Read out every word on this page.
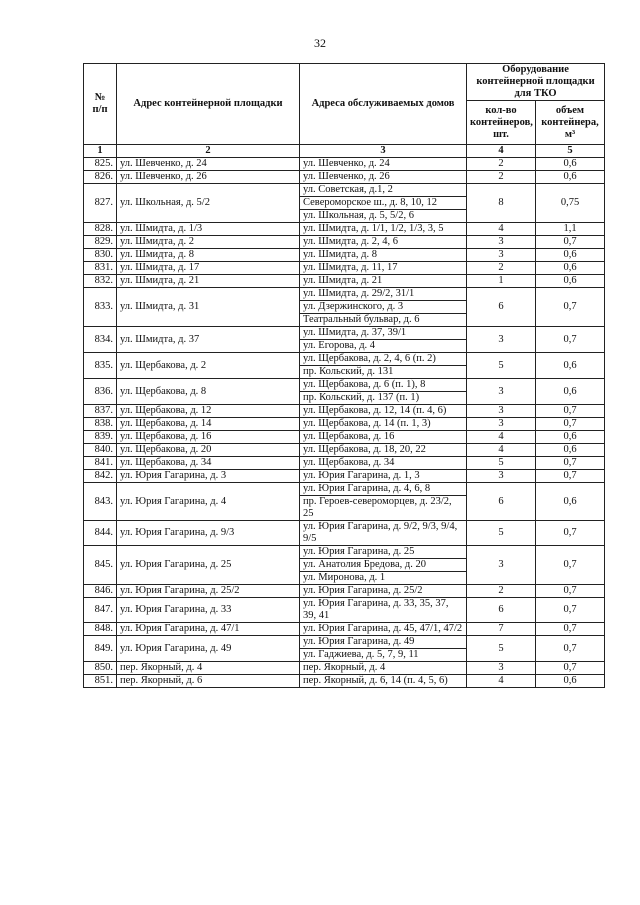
32
№
п/п	Адрес контейнерной площадки	Адреса обслуживаемых домов	Оборудование контейнерной площадки для ТКО	
			кол-во контейнеров, шт.	объем контейнера, м³
1	2	3	4	5
825.	ул. Шевченко, д. 24	ул. Шевченко, д. 24	2	0,6
826.	ул. Шевченко, д. 26	ул. Шевченко, д. 26	2	0,6
827.	ул. Школьная, д. 5/2	ул. Советская, д.1, 2	8	0,75
		Североморское ш., д. 8, 10, 12		
		ул. Школьная, д. 5, 5/2, 6		
828.	ул. Шмидта, д. 1/3	ул. Шмидта, д. 1/1, 1/2, 1/3, 3, 5	4	1,1
829.	ул. Шмидта, д. 2	ул. Шмидта, д. 2, 4, 6	3	0,7
830.	ул. Шмидта, д. 8	ул. Шмидта, д. 8	3	0,6
831.	ул. Шмидта, д. 17	ул. Шмидта, д. 11, 17	2	0,6
832.	ул. Шмидта, д. 21	ул. Шмидта, д. 21	1	0,6
833.	ул. Шмидта, д. 31	ул. Шмидта, д. 29/2, 31/1	6	0,7
		ул. Дзержинского, д. 3		
		Театральный бульвар, д. 6		
834.	ул. Шмидта, д. 37	ул. Шмидта, д. 37, 39/1	3	0,7
		ул. Егорова, д. 4		
835.	ул. Щербакова, д. 2	ул. Щербакова, д. 2, 4, 6 (п. 2)	5	0,6
		пр. Кольский, д. 131		
836.	ул. Щербакова, д. 8	ул. Щербакова, д. 6 (п. 1), 8	3	0,6
		пр. Кольский, д. 137 (п. 1)		
837.	ул. Щербакова, д. 12	ул. Щербакова, д. 12, 14 (п. 4, 6)	3	0,7
838.	ул. Щербакова, д. 14	ул. Щербакова, д. 14 (п. 1, 3)	3	0,7
839.	ул. Щербакова, д. 16	ул. Щербакова, д. 16	4	0,6
840.	ул. Щербакова, д. 20	ул. Щербакова, д. 18, 20, 22	4	0,6
841.	ул. Щербакова, д. 34	ул. Щербакова, д. 34	5	0,7
842.	ул. Юрия Гагарина, д. 3	ул. Юрия Гагарина, д. 1, 3	3	0,7
843.	ул. Юрия Гагарина, д. 4	ул. Юрия Гагарина, д. 4, 6, 8	6	0,6
		пр. Героев-североморцев, д. 23/2, 25		
844.	ул. Юрия Гагарина, д. 9/3	ул. Юрия Гагарина, д. 9/2, 9/3, 9/4, 9/5	5	0,7
845.	ул. Юрия Гагарина, д. 25	ул. Юрия Гагарина, д. 25	3	0,7
		ул. Анатолия Бредова, д. 20		
		ул. Миронова, д. 1		
846.	ул. Юрия Гагарина, д. 25/2	ул. Юрия Гагарина, д. 25/2	2	0,7
847.	ул. Юрия Гагарина, д. 33	ул. Юрия Гагарина, д. 33, 35, 37, 39, 41	6	0,7
848.	ул. Юрия Гагарина, д. 47/1	ул. Юрия Гагарина, д. 45, 47/1, 47/2	7	0,7
849.	ул. Юрия Гагарина, д. 49	ул. Юрия Гагарина, д. 49	5	0,7
		ул. Гаджиева, д. 5, 7, 9, 11		
850.	пер. Якорный, д. 4	пер. Якорный, д. 4	3	0,7
851.	пер. Якорный, д. 6	пер. Якорный, д. 6, 14 (п. 4, 5, 6)	4	0,6
